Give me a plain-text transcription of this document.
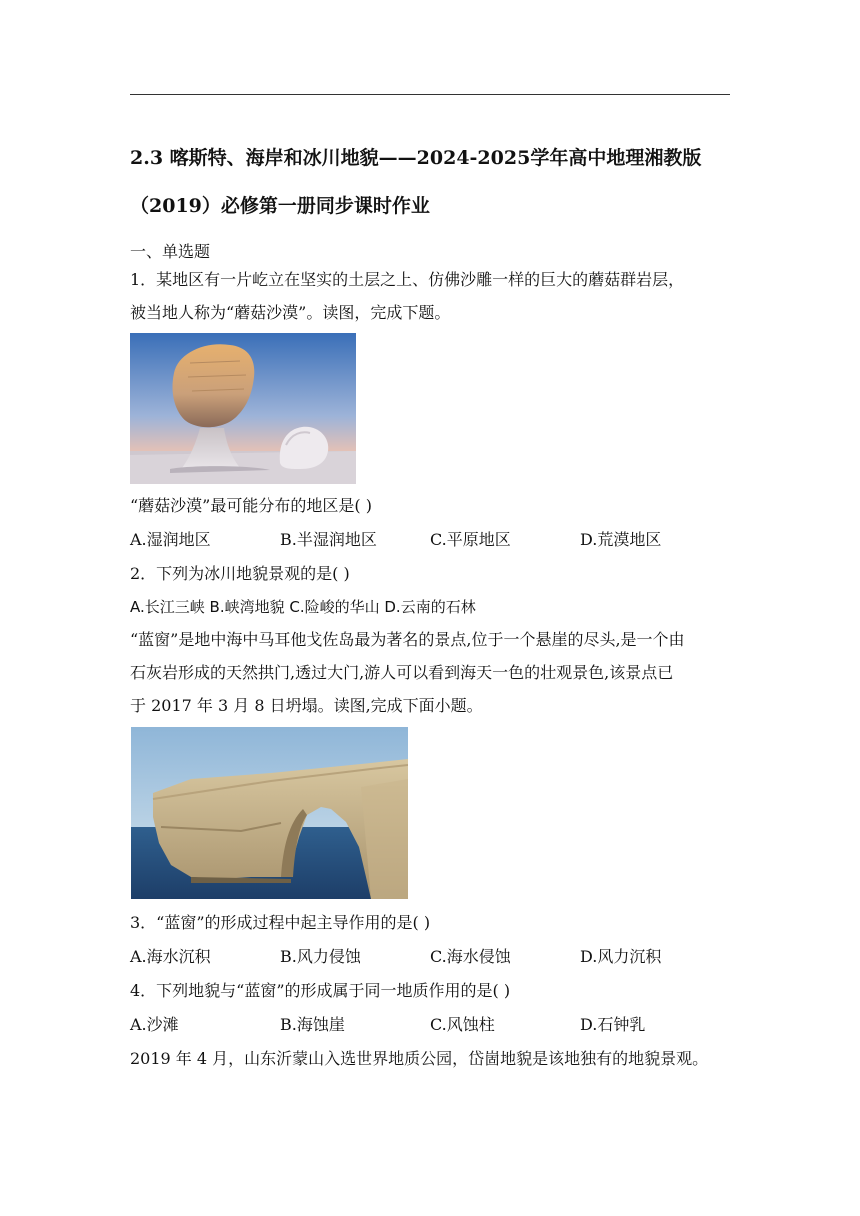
2.3 喀斯特、海岸和冰川地貌——2024-2025学年高中地理湘教版
（2019）必修第一册同步课时作业
一、单选题
1．某地区有一片屹立在坚实的土层之上、仿佛沙雕一样的巨大的蘑菇群岩层，
被当地人称为“蘑菇沙漠”。读图，完成下题。
“蘑菇沙漠”最可能分布的地区是( )
A.湿润地区	B.半湿润地区	C.平原地区	D.荒漠地区
2．下列为冰川地貌景观的是( )
A.长江三峡 B.峡湾地貌 C.险峻的华山 D.云南的石林
“蓝窗”是地中海中马耳他戈佐岛最为著名的景点,位于一个悬崖的尽头,是一个由
石灰岩形成的天然拱门,透过大门,游人可以看到海天一色的壮观景色,该景点已
于 2017 年 3 月 8 日坍塌。读图,完成下面小题。
3．“蓝窗”的形成过程中起主导作用的是( )
A.海水沉积	B.风力侵蚀	C.海水侵蚀	D.风力沉积
4．下列地貌与“蓝窗”的形成属于同一地质作用的是( )
A.沙滩	B.海蚀崖	C.风蚀柱	D.石钟乳
2019 年 4 月，山东沂蒙山入选世界地质公园，岱崮地貌是该地独有的地貌景观。
